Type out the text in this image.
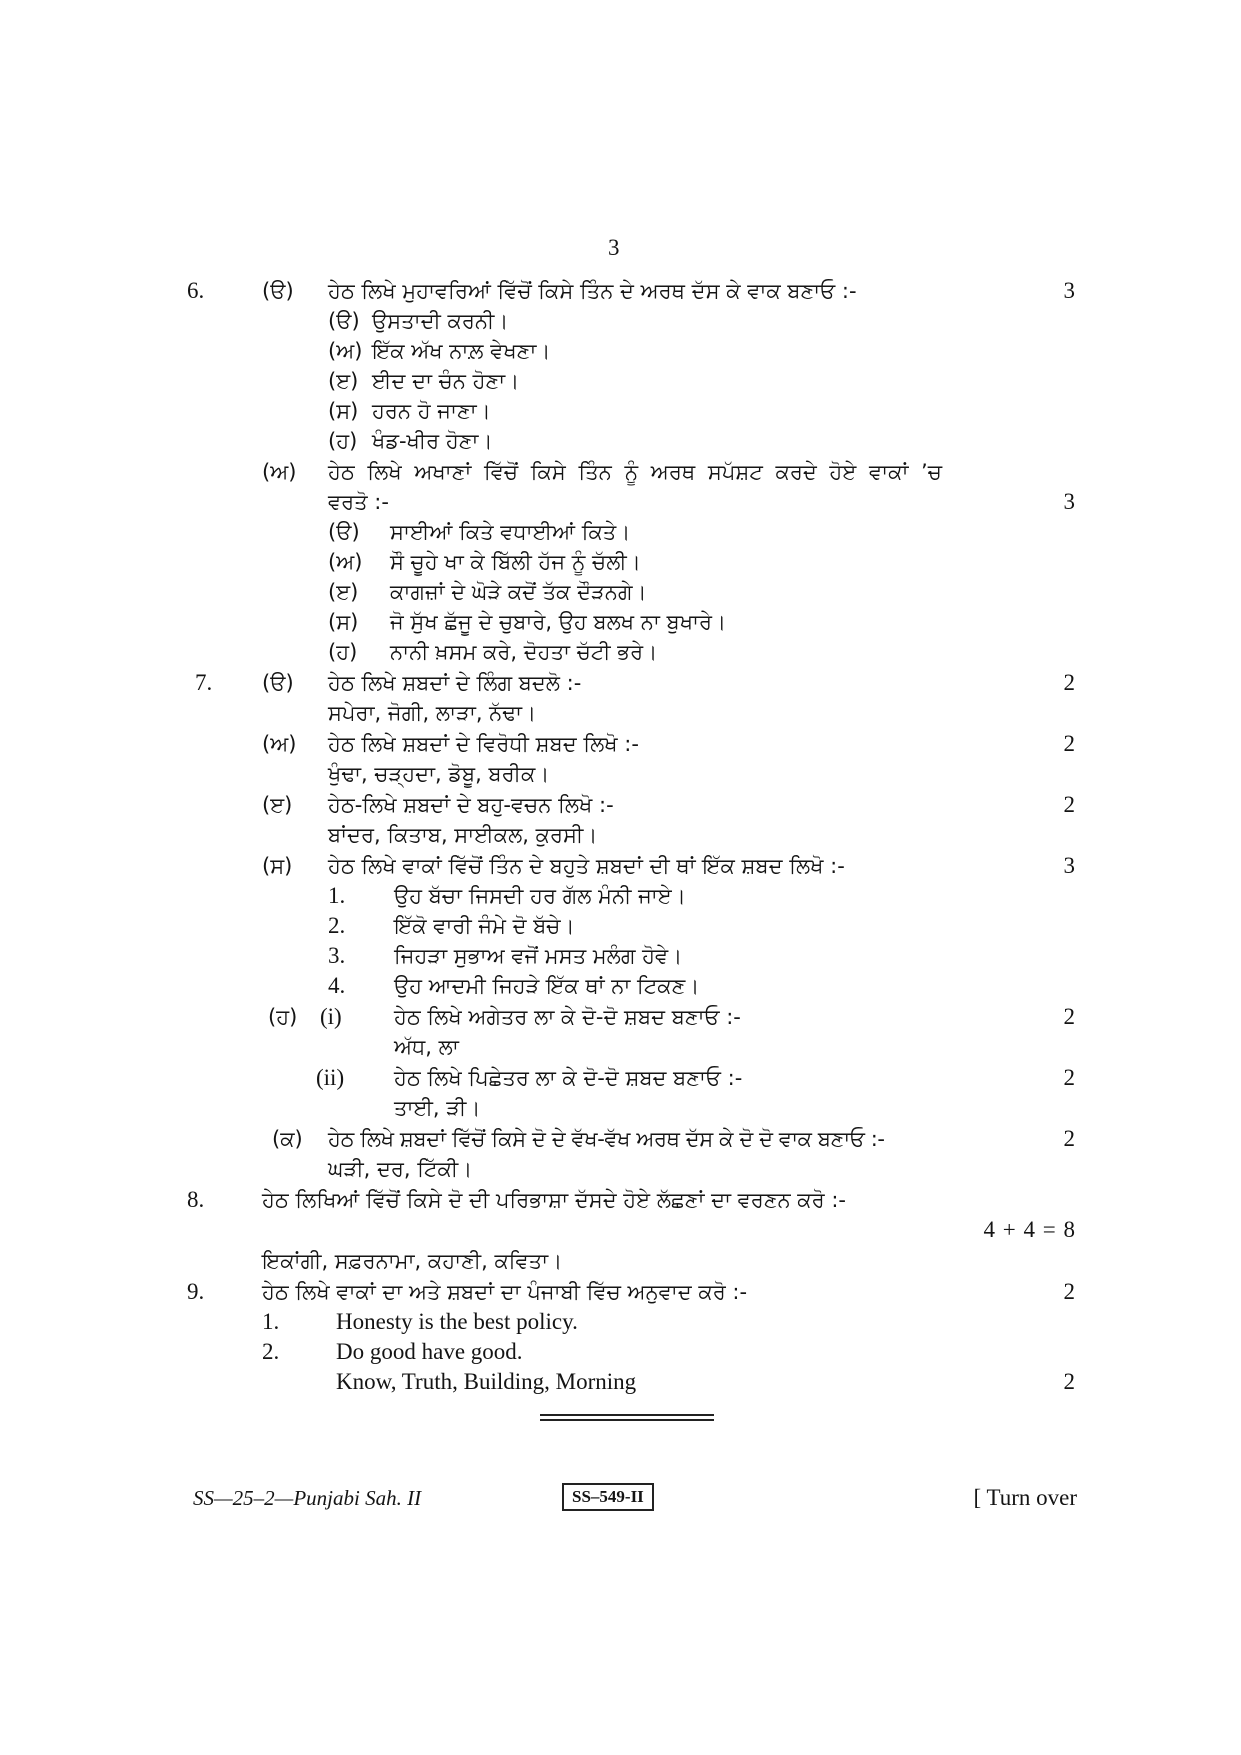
3
6.	(ੳ) ਹੇਠ ਲਿਖੇ ਮੁਹਾਵਰਿਆਂ ਵਿੱਚੋਂ ਕਿਸੇ ਤਿੰਨ ਦੇ ਅਰਥ ਦੱਸ ਕੇ ਵਾਕ ਬਣਾਓ :-	3
(ੳ) ਉਸਤਾਦੀ ਕਰਨੀ।
(ਅ) ਇੱਕ ਅੱਖ ਨਾਲ਼ ਵੇਖਣਾ।
(ੲ) ਈਦ ਦਾ ਚੰਨ ਹੋਣਾ।
(ਸ) ਹਰਨ ਹੋ ਜਾਣਾ।
(ਹ) ਖੰਡ-ਖੀਰ ਹੋਣਾ।
(ਅ) ਹੇਠ ਲਿਖੇ ਅਖਾਣਾਂ ਵਿੱਚੋਂ ਕਿਸੇ ਤਿੰਨ ਨੂੰ ਅਰਥ ਸਪੱਸ਼ਟ ਕਰਦੇ ਹੋਏ ਵਾਕਾਂ ’ਚ
ਵਰਤੋ :-	3
(ੳ) ਸਾਈਆਂ ਕਿਤੇ ਵਧਾਈਆਂ ਕਿਤੇ।
(ਅ) ਸੌ ਚੂਹੇ ਖਾ ਕੇ ਬਿੱਲੀ ਹੱਜ ਨੂੰ ਚੱਲੀ।
(ੲ) ਕਾਗਜ਼ਾਂ ਦੇ ਘੋੜੇ ਕਦੋਂ ਤੱਕ ਦੌੜਨਗੇ।
(ਸ) ਜੋ ਸੁੱਖ ਛੱਜੂ ਦੇ ਚੁਬਾਰੇ, ਉਹ ਬਲਖ ਨਾ ਬੁਖਾਰੇ।
(ਹ) ਨਾਨੀ ਖ਼ਸਮ ਕਰੇ, ਦੋਹਤਾ ਚੱਟੀ ਭਰੇ।
7. (ੳ) ਹੇਠ ਲਿਖੇ ਸ਼ਬਦਾਂ ਦੇ ਲਿੰਗ ਬਦਲੋ :-	2
ਸਪੇਰਾ, ਜੋਗੀ, ਲਾੜਾ, ਨੱਢਾ।
(ਅ) ਹੇਠ ਲਿਖੇ ਸ਼ਬਦਾਂ ਦੇ ਵਿਰੋਧੀ ਸ਼ਬਦ ਲਿਖੋ :-	2
ਖੁੰਢਾ, ਚੜ੍ਹਦਾ, ਡੋਬੂ, ਬਰੀਕ।
(ੲ) ਹੇਠ-ਲਿਖੇ ਸ਼ਬਦਾਂ ਦੇ ਬਹੁ-ਵਚਨ ਲਿਖੋ :-	2
ਬਾਂਦਰ, ਕਿਤਾਬ, ਸਾਈਕਲ, ਕੁਰਸੀ।
(ਸ) ਹੇਠ ਲਿਖੇ ਵਾਕਾਂ ਵਿੱਚੋਂ ਤਿੰਨ ਦੇ ਬਹੁਤੇ ਸ਼ਬਦਾਂ ਦੀ ਥਾਂ ਇੱਕ ਸ਼ਬਦ ਲਿਖੋ :-	3
1. ਉਹ ਬੱਚਾ ਜਿਸਦੀ ਹਰ ਗੱਲ ਮੰਨੀ ਜਾਏ।
2. ਇੱਕੋ ਵਾਰੀ ਜੰਮੇ ਦੋ ਬੱਚੇ।
3. ਜਿਹੜਾ ਸੁਭਾਅ ਵਜੋਂ ਮਸਤ ਮਲੰਗ ਹੋਵੇ।
4. ਉਹ ਆਦਮੀ ਜਿਹੜੇ ਇੱਕ ਥਾਂ ਨਾ ਟਿਕਣ।
(ਹ) (i) ਹੇਠ ਲਿਖੇ ਅਗੇਤਰ ਲਾ ਕੇ ਦੋ-ਦੋ ਸ਼ਬਦ ਬਣਾਓ :-	2
ਅੱਧ, ਲਾ
(ii) ਹੇਠ ਲਿਖੇ ਪਿਛੇਤਰ ਲਾ ਕੇ ਦੋ-ਦੋ ਸ਼ਬਦ ਬਣਾਓ :-	2
ਤਾਈ, ੜੀ।
(ਕ) ਹੇਠ ਲਿਖੇ ਸ਼ਬਦਾਂ ਵਿੱਚੋਂ ਕਿਸੇ ਦੋ ਦੇ ਵੱਖ-ਵੱਖ ਅਰਥ ਦੱਸ ਕੇ ਦੋ ਦੋ ਵਾਕ ਬਣਾਓ :-	2
ਘੜੀ, ਦਰ, ਟਿੱਕੀ।
8.	ਹੇਠ ਲਿਖਿਆਂ ਵਿੱਚੋਂ ਕਿਸੇ ਦੋ ਦੀ ਪਰਿਭਾਸ਼ਾ ਦੱਸਦੇ ਹੋਏ ਲੱਛਣਾਂ ਦਾ ਵਰਣਨ ਕਰੋ :-
4 + 4 = 8
ਇਕਾਂਗੀ, ਸਫ਼ਰਨਾਮਾ, ਕਹਾਣੀ, ਕਵਿਤਾ।
9.	ਹੇਠ ਲਿਖੇ ਵਾਕਾਂ ਦਾ ਅਤੇ ਸ਼ਬਦਾਂ ਦਾ ਪੰਜਾਬੀ ਵਿੱਚ ਅਨੁਵਾਦ ਕਰੋ :-	2
1. Honesty is the best policy.
2. Do good have good.
Know, Truth, Building, Morning	2
SS—25–2—Punjabi Sah. II	SS–549-II	[ Turn over
